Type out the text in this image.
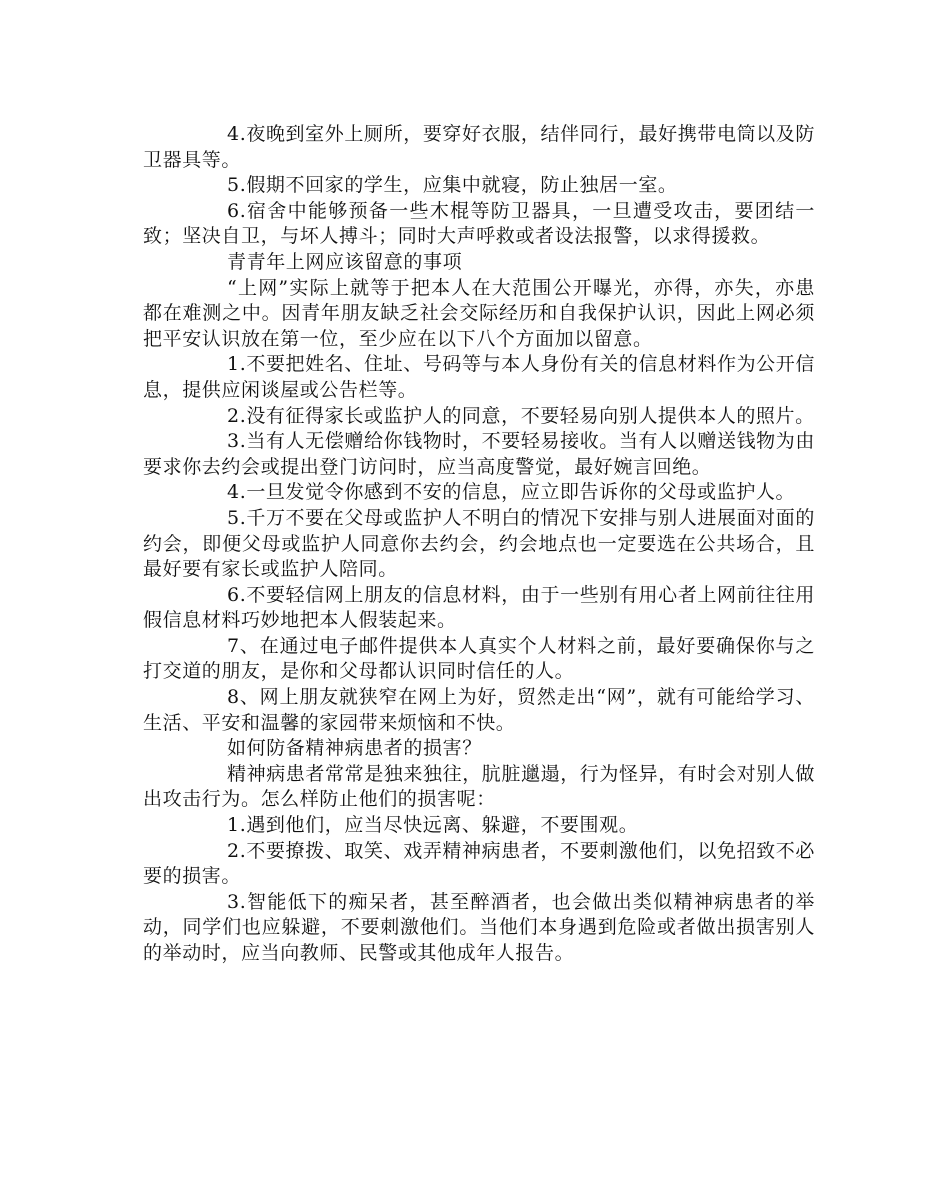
4.夜晚到室外上厕所，要穿好衣服，结伴同行，最好携带电筒以及防卫器具等。

5.假期不回家的学生，应集中就寝，防止独居一室。

6.宿舍中能够预备一些木棍等防卫器具，一旦遭受攻击，要团结一致；坚决自卫，与坏人搏斗；同时大声呼救或者设法报警，以求得援救。

青青年上网应该留意的事项

“上网”实际上就等于把本人在大范围公开曝光，亦得，亦失，亦患都在难测之中。因青年朋友缺乏社会交际经历和自我保护认识，因此上网必须把平安认识放在第一位，至少应在以下八个方面加以留意。

1.不要把姓名、住址、号码等与本人身份有关的信息材料作为公开信息，提供应闲谈屋或公告栏等。

2.没有征得家长或监护人的同意，不要轻易向别人提供本人的照片。

3.当有人无偿赠给你钱物时，不要轻易接收。当有人以赠送钱物为由要求你去约会或提出登门访问时，应当高度警觉，最好婉言回绝。

4.一旦发觉令你感到不安的信息，应立即告诉你的父母或监护人。

5.千万不要在父母或监护人不明白的情况下安排与别人进展面对面的约会，即便父母或监护人同意你去约会，约会地点也一定要选在公共场合，且最好要有家长或监护人陪同。

6.不要轻信网上朋友的信息材料，由于一些别有用心者上网前往往用假信息材料巧妙地把本人假装起来。

7、在通过电子邮件提供本人真实个人材料之前，最好要确保你与之打交道的朋友，是你和父母都认识同时信任的人。

8、网上朋友就狭窄在网上为好，贸然走出“网”，就有可能给学习、生活、平安和温馨的家园带来烦恼和不快。

如何防备精神病患者的损害？

精神病患者常常是独来独往，肮脏邋遢，行为怪异，有时会对别人做出攻击行为。怎么样防止他们的损害呢：

1.遇到他们，应当尽快远离、躲避，不要围观。

2.不要撩拨、取笑、戏弄精神病患者，不要刺激他们，以免招致不必要的损害。

3.智能低下的痴呆者，甚至醉酒者，也会做出类似精神病患者的举动，同学们也应躲避，不要刺激他们。当他们本身遇到危险或者做出损害别人的举动时，应当向教师、民警或其他成年人报告。
